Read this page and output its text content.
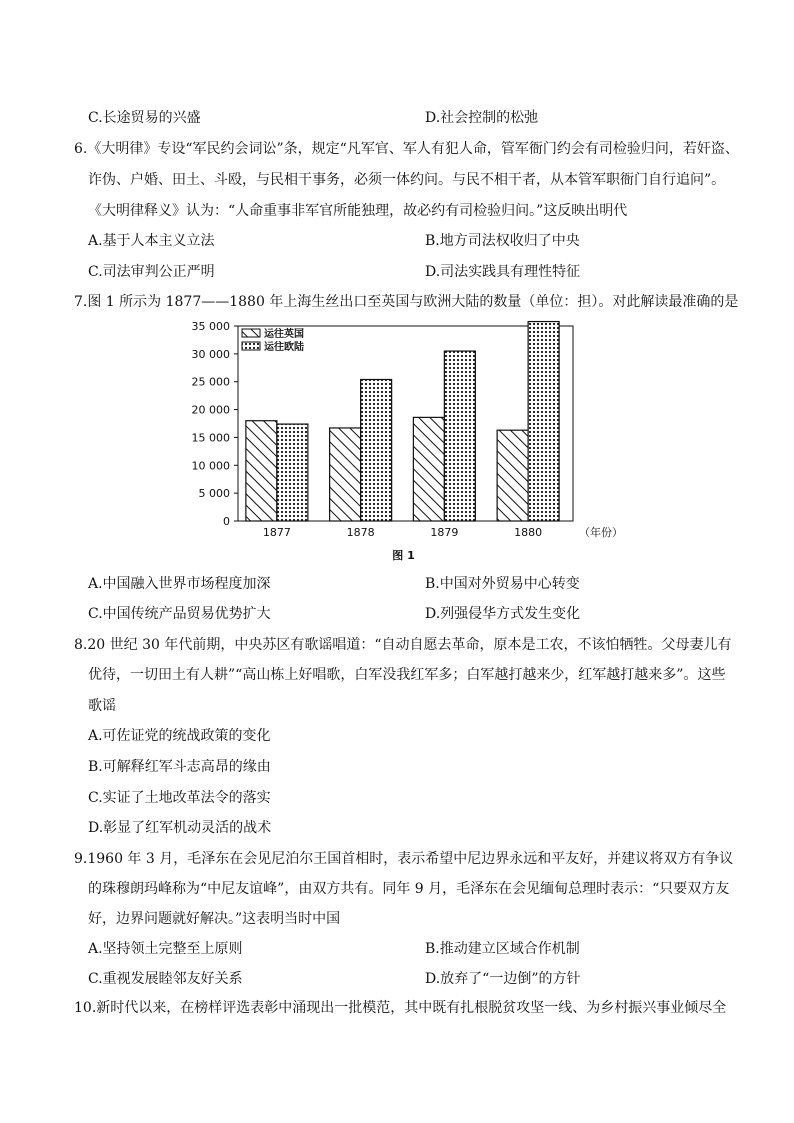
C.长途贸易的兴盛	D.社会控制的松弛
6.《大明律》专设“军民约会词讼”条，规定“凡军官、军人有犯人命，管军衙门约会有司检验归问，若奸盗、
诈伪、户婚、田土、斗殴，与民相干事务，必须一体约问。与民不相干者，从本管军职衙门自行追问”。
《大明律释义》认为：“人命重事非军官所能独理，故必约有司检验归问。”这反映出明代
A.基于人本主义立法	B.地方司法权收归了中央
C.司法审判公正严明	D.司法实践具有理性特征
7.图 1 所示为 1877——1880 年上海生丝出口至英国与欧洲大陆的数量（单位：担）。对此解读最准确的是
0
5 000
10 000
15 000
20 000
25 000
30 000
35 000
1877	1878	1879	1880	（年份）
图 1
运往英国
运往欧陆
A.中国融入世界市场程度加深	B.中国对外贸易中心转变
C.中国传统产品贸易优势扩大	D.列强侵华方式发生变化
8.20 世纪 30 年代前期，中央苏区有歌谣唱道：“自动自愿去革命，原本是工农，不该怕牺牲。父母妻儿有
优待，一切田土有人耕”“高山栋上好唱歌，白军没我红军多；白军越打越来少，红军越打越来多”。这些
歌谣
A.可佐证党的统战政策的变化
B.可解释红军斗志高昂的缘由
C.实证了土地改革法令的落实
D.彰显了红军机动灵活的战术
9.1960 年 3 月，毛泽东在会见尼泊尔王国首相时，表示希望中尼边界永远和平友好，并建议将双方有争议
的珠穆朗玛峰称为“中尼友谊峰”，由双方共有。同年 9 月，毛泽东在会见缅甸总理时表示：“只要双方友
好，边界问题就好解决。”这表明当时中国
A.坚持领土完整至上原则	B.推动建立区域合作机制
C.重视发展睦邻友好关系	D.放弃了“一边倒”的方针
10.新时代以来，在榜样评选表彰中涌现出一批模范，其中既有扎根脱贫攻坚一线、为乡村振兴事业倾尽全
